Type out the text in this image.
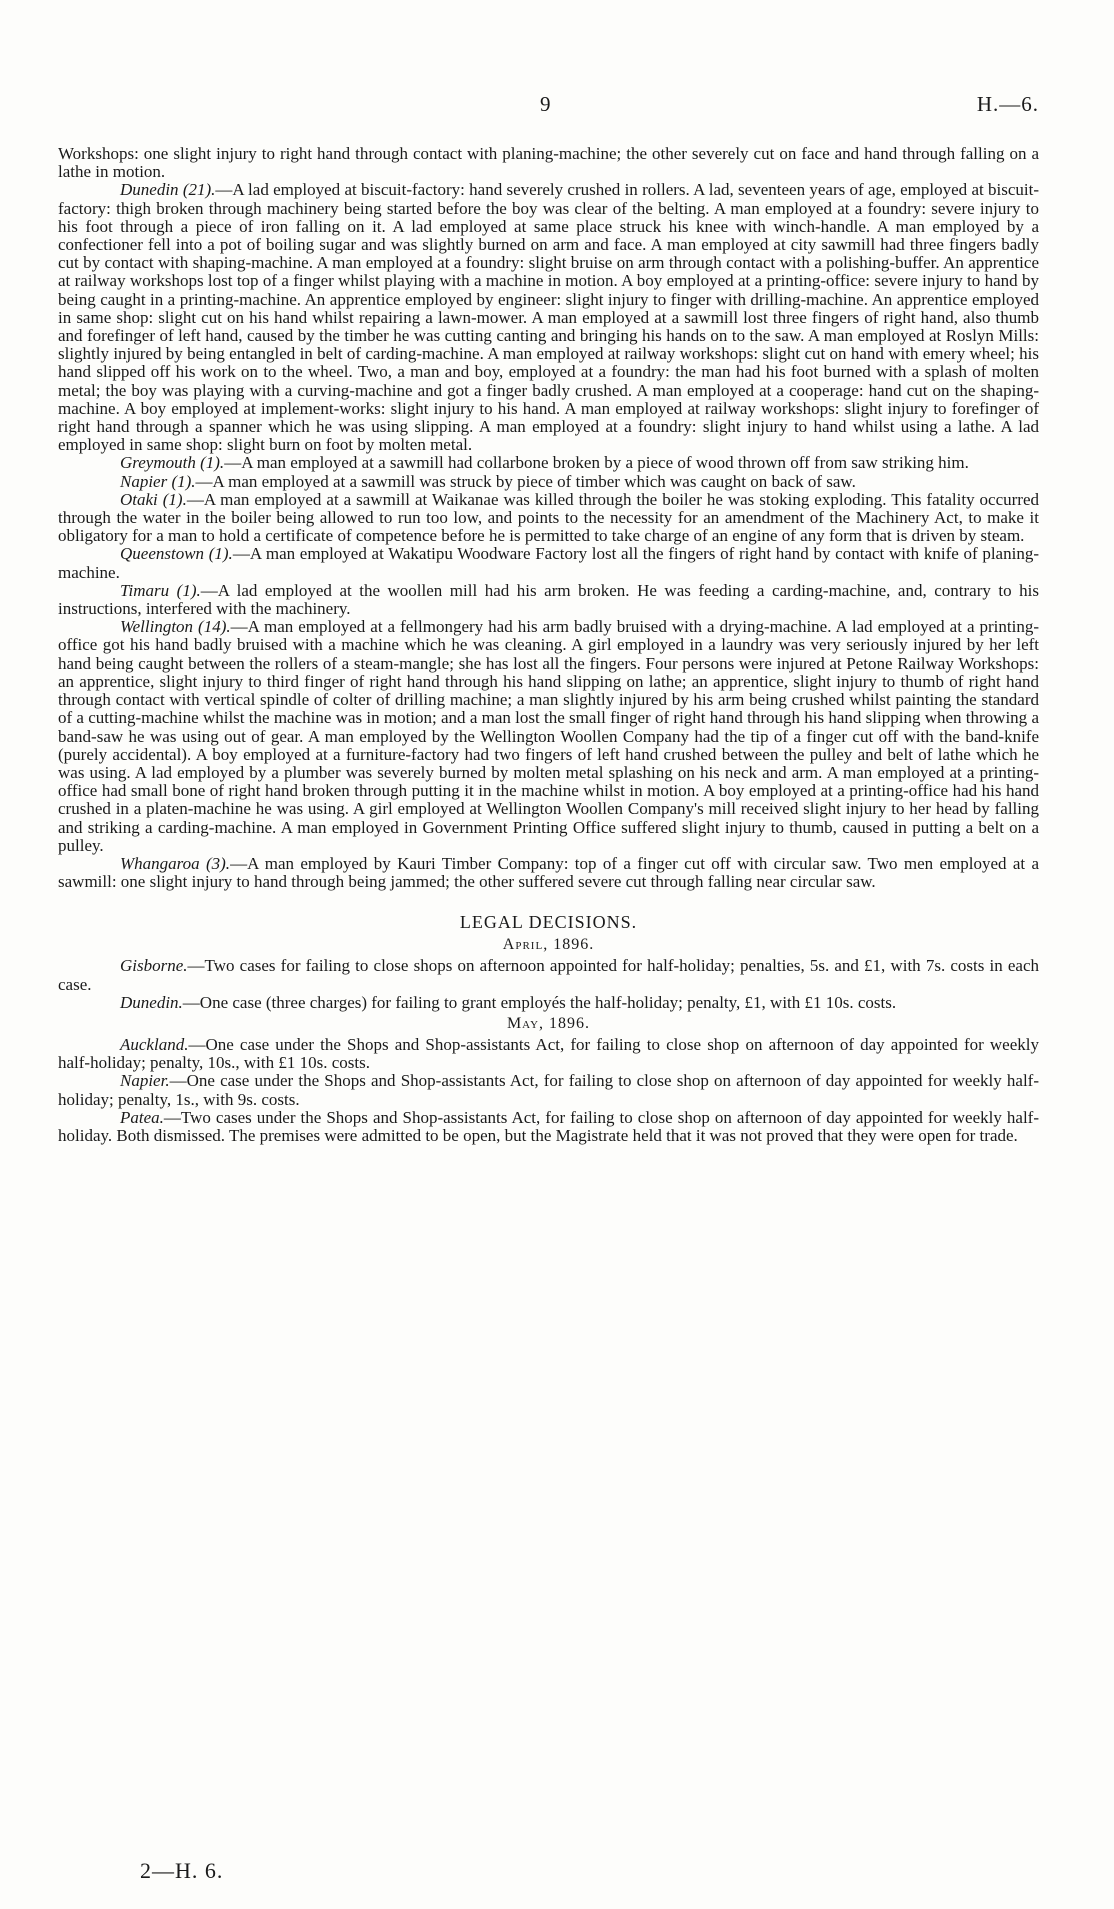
9	H.—6.

Workshops: one slight injury to right hand through contact with planing-machine; the other severely cut on face and hand through falling on a lathe in motion.

Dunedin (21).—A lad employed at biscuit-factory: hand severely crushed in rollers. A lad, seventeen years of age, employed at biscuit-factory: thigh broken through machinery being started before the boy was clear of the belting. A man employed at a foundry: severe injury to his foot through a piece of iron falling on it. A lad employed at same place struck his knee with winch-handle. A man employed by a confectioner fell into a pot of boiling sugar and was slightly burned on arm and face. A man employed at city sawmill had three fingers badly cut by contact with shaping-machine. A man employed at a foundry: slight bruise on arm through contact with a polishing-buffer. An apprentice at railway workshops lost top of a finger whilst playing with a machine in motion. A boy employed at a printing-office: severe injury to hand by being caught in a printing-machine. An apprentice employed by engineer: slight injury to finger with drilling-machine. An apprentice employed in same shop: slight cut on his hand whilst repairing a lawn-mower. A man employed at a sawmill lost three fingers of right hand, also thumb and forefinger of left hand, caused by the timber he was cutting canting and bringing his hands on to the saw. A man employed at Roslyn Mills: slightly injured by being entangled in belt of carding-machine. A man employed at railway workshops: slight cut on hand with emery wheel; his hand slipped off his work on to the wheel. Two, a man and boy, employed at a foundry: the man had his foot burned with a splash of molten metal; the boy was playing with a curving-machine and got a finger badly crushed. A man employed at a cooperage: hand cut on the shaping-machine. A boy employed at implement-works: slight injury to his hand. A man employed at railway workshops: slight injury to forefinger of right hand through a spanner which he was using slipping. A man employed at a foundry: slight injury to hand whilst using a lathe. A lad employed in same shop: slight burn on foot by molten metal.

Greymouth (1).—A man employed at a sawmill had collarbone broken by a piece of wood thrown off from saw striking him.

Napier (1).—A man employed at a sawmill was struck by piece of timber which was caught on back of saw.

Otaki (1).—A man employed at a sawmill at Waikanae was killed through the boiler he was stoking exploding. This fatality occurred through the water in the boiler being allowed to run too low, and points to the necessity for an amendment of the Machinery Act, to make it obligatory for a man to hold a certificate of competence before he is permitted to take charge of an engine of any form that is driven by steam.

Queenstown (1).—A man employed at Wakatipu Woodware Factory lost all the fingers of right hand by contact with knife of planing-machine.

Timaru (1).—A lad employed at the woollen mill had his arm broken. He was feeding a carding-machine, and, contrary to his instructions, interfered with the machinery.

Wellington (14).—A man employed at a fellmongery had his arm badly bruised with a drying-machine. A lad employed at a printing-office got his hand badly bruised with a machine which he was cleaning. A girl employed in a laundry was very seriously injured by her left hand being caught between the rollers of a steam-mangle; she has lost all the fingers. Four persons were injured at Petone Railway Workshops: an apprentice, slight injury to third finger of right hand through his hand slipping on lathe; an apprentice, slight injury to thumb of right hand through contact with vertical spindle of colter of drilling machine; a man slightly injured by his arm being crushed whilst painting the standard of a cutting-machine whilst the machine was in motion; and a man lost the small finger of right hand through his hand slipping when throwing a band-saw he was using out of gear. A man employed by the Wellington Woollen Company had the tip of a finger cut off with the band-knife (purely accidental). A boy employed at a furniture-factory had two fingers of left hand crushed between the pulley and belt of lathe which he was using. A lad employed by a plumber was severely burned by molten metal splashing on his neck and arm. A man employed at a printing-office had small bone of right hand broken through putting it in the machine whilst in motion. A boy employed at a printing-office had his hand crushed in a platen-machine he was using. A girl employed at Wellington Woollen Company's mill received slight injury to her head by falling and striking a carding-machine. A man employed in Government Printing Office suffered slight injury to thumb, caused in putting a belt on a pulley.

Whangaroa (3).—A man employed by Kauri Timber Company: top of a finger cut off with circular saw. Two men employed at a sawmill: one slight injury to hand through being jammed; the other suffered severe cut through falling near circular saw.

LEGAL DECISIONS.
April, 1896.

Gisborne.—Two cases for failing to close shops on afternoon appointed for half-holiday; penalties, 5s. and £1, with 7s. costs in each case.

Dunedin.—One case (three charges) for failing to grant employés the half-holiday; penalty, £1, with £1 10s. costs.

May, 1896.

Auckland.—One case under the Shops and Shop-assistants Act, for failing to close shop on afternoon of day appointed for weekly half-holiday; penalty, 10s., with £1 10s. costs.

Napier.—One case under the Shops and Shop-assistants Act, for failing to close shop on afternoon of day appointed for weekly half-holiday; penalty, 1s., with 9s. costs.

Patea.—Two cases under the Shops and Shop-assistants Act, for failing to close shop on afternoon of day appointed for weekly half-holiday. Both dismissed. The premises were admitted to be open, but the Magistrate held that it was not proved that they were open for trade.

2—H. 6.
